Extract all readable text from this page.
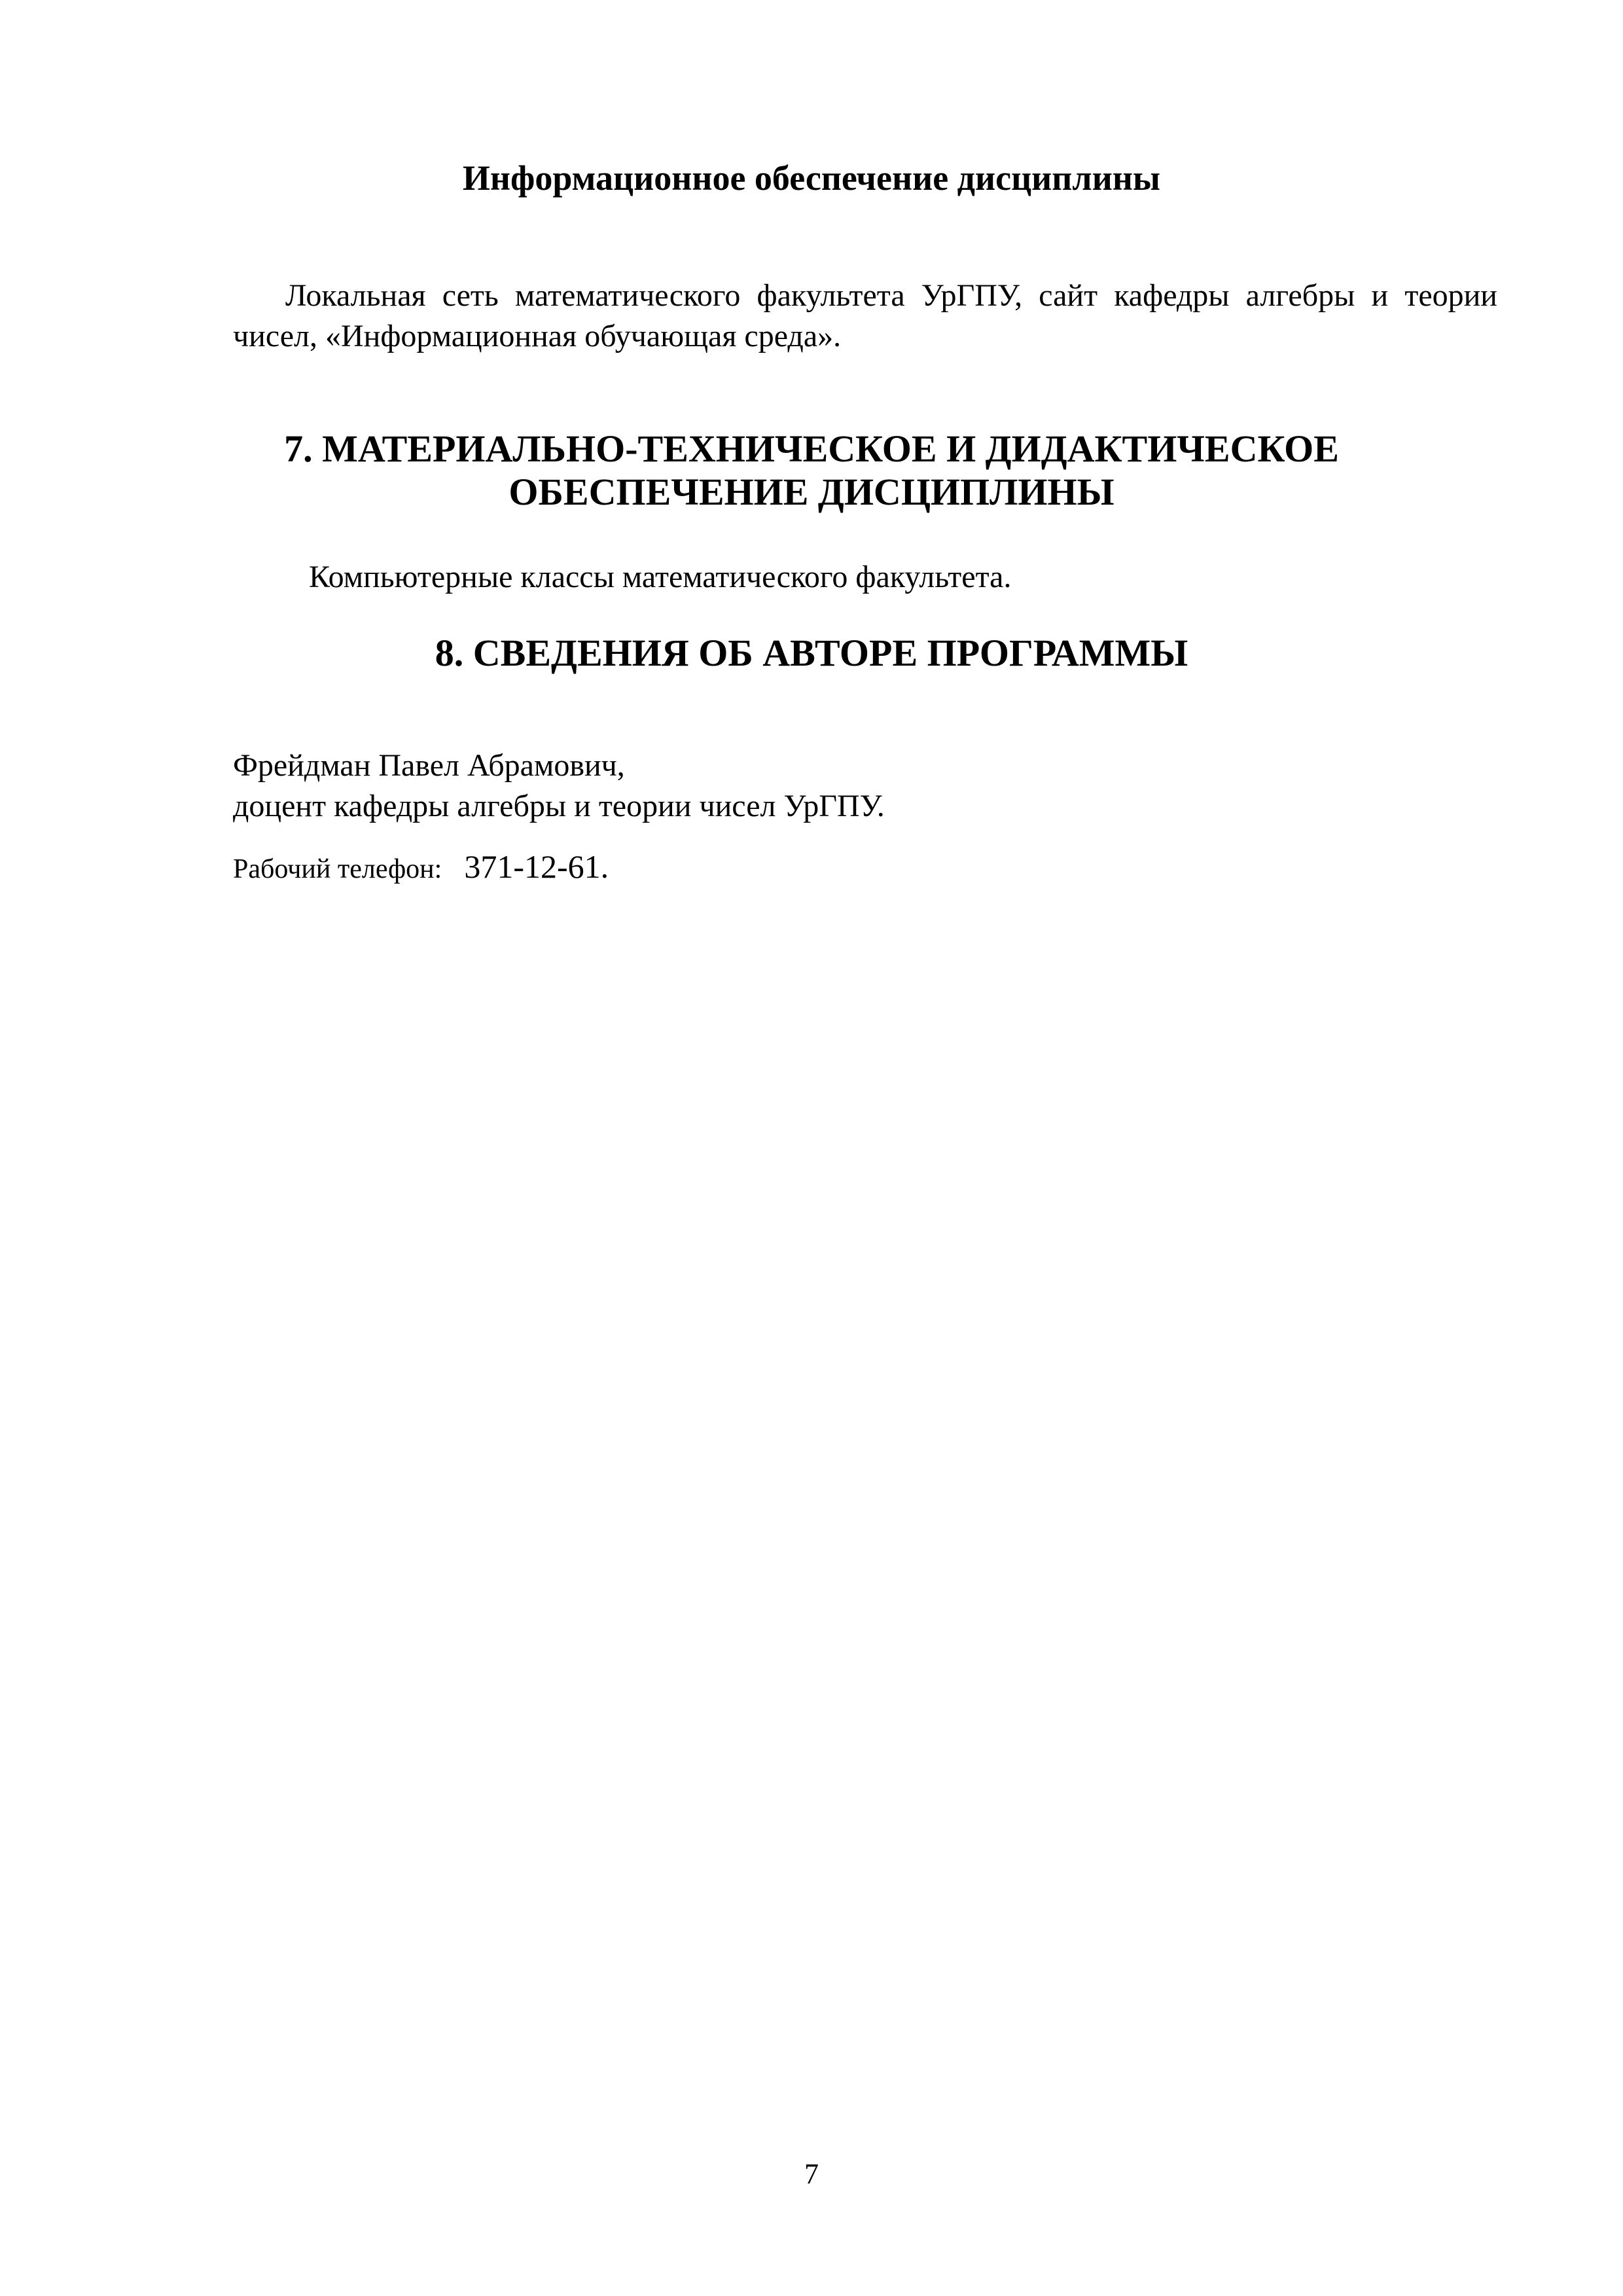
Информационное обеспечение дисциплины

Локальная сеть математического факультета УрГПУ, сайт кафедры алгебры и теории

чисел, «Информационная обучающая среда».

7. МАТЕРИАЛЬНО-ТЕХНИЧЕСКОЕ И ДИДАКТИЧЕСКОЕ
ОБЕСПЕЧЕНИЕ ДИСЦИПЛИНЫ

Компьютерные классы математического факультета.

8. СВЕДЕНИЯ ОБ АВТОРЕ ПРОГРАММЫ

Фрейдман Павел Абрамович,

доцент кафедры алгебры и теории чисел УрГПУ.

Рабочий телефон: 371-12-61.

7
